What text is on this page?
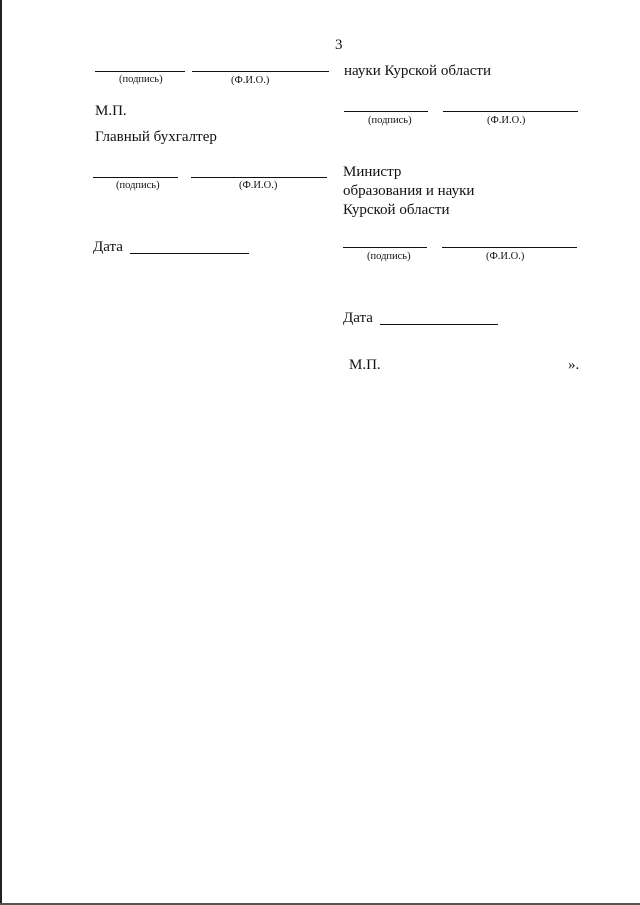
3
(подпись)	(Ф.И.О.)
М.П.
Главный бухгалтер
(подпись)	(Ф.И.О.)
Дата
науки Курской области
(подпись)	(Ф.И.О.)
Министр
образования и науки
Курской области
(подпись)	(Ф.И.О.)
Дата
М.П.	».
